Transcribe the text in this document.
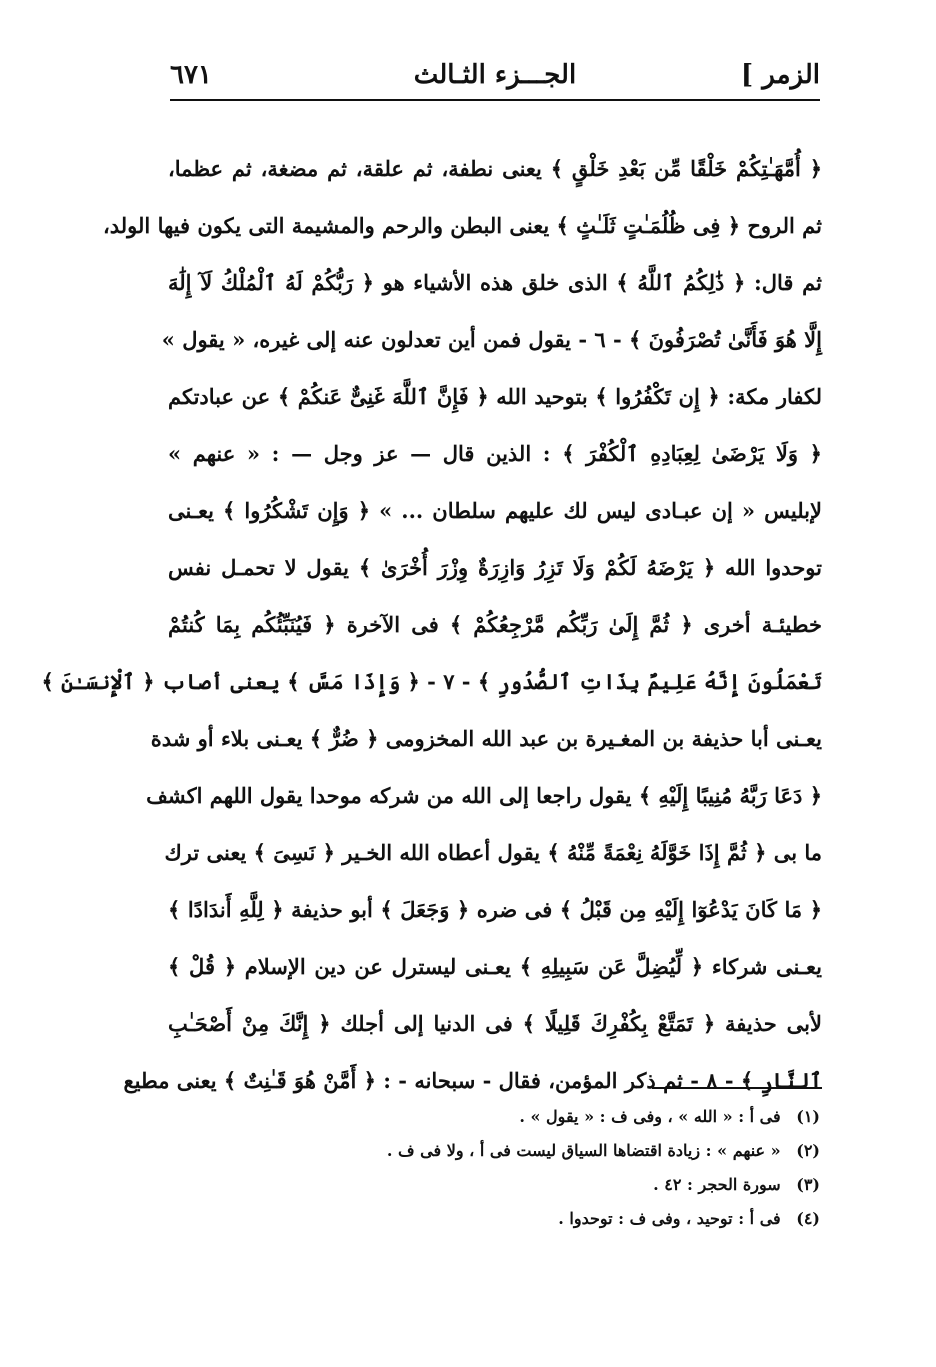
الزمر ]
الجـــزء الثـالث
٦٧١
﴿ أُمَّهَـٰتِكُمْ خَلْقًا مِّن بَعْدِ خَلْقٍ ﴾ يعنى نطفة، ثم علقة، ثم مضغة، ثم عظما،
ثم الروح ﴿ فِى ظُلُمَـٰتٍ ثَلَـٰثٍ ﴾ يعنى البطن والرحم والمشيمة التى يكون فيها الولد،
ثم قال: ﴿ ذَٰلِكُمُ ٱللَّهُ ﴾ الذى خلق هذه الأشياء هو ﴿ رَبُّكُمْ لَهُ ٱلْمُلْكُ لَآ إِلَٰهَ
إِلَّا هُوَ فَأَنَّىٰ تُصْرَفُونَ ﴾ - ٦ - يقول فمن أين تعدلون عنه إلى غيره، « يقول »
لكفار مكة: ﴿ إِن تَكْفُرُوا ﴾ بتوحيد الله ﴿ فَإِنَّ ٱللَّهَ غَنِىٌّ عَنكُمْ ﴾ عن عبادتكم
﴿ وَلَا يَرْضَىٰ لِعِبَادِهِ ٱلْكُفْرَ ﴾ : الذين قال — عز وجل — : « عنهم »
لإبليس « إن عبـادى ليس لك عليهم سلطان ... » ﴿ وَإِن تَشْكُرُوا ﴾ يعـنى
توحدوا الله ﴿ يَرْضَهُ لَكُمْ وَلَا تَزِرُ وَازِرَةٌ وِزْرَ أُخْرَىٰ ﴾ يقول لا تحمـل نفس
خطيئـة أخرى ﴿ ثُمَّ إِلَىٰ رَبِّكُم مَّرْجِعُكُمْ ﴾ فى الآخرة ﴿ فَيُنَبِّئُكُم بِمَا كُنتُمْ
تَعْمَلُونَ إِنَّهُ عَلِيمٌ بِذَاتِ ٱلصُّدُورِ ﴾ - ٧ - ﴿ وَإِذَا مَسَّ ﴾ يعنى أصاب ﴿ ٱلْإِنسَـٰنَ ﴾
يعـنى أبا حذيفة بن المغـيرة بن عبد الله المخزومى ﴿ ضُرٌّ ﴾ يعـنى بلاء أو شدة
﴿ دَعَا رَبَّهُ مُنِيبًا إِلَيْهِ ﴾ يقول راجعا إلى الله من شركه موحدا يقول اللهم اكشف
ما بى ﴿ ثُمَّ إِذَا خَوَّلَهُ نِعْمَةً مِّنْهُ ﴾ يقول أعطاه الله الخـير ﴿ نَسِىَ ﴾ يعنى ترك
﴿ مَا كَانَ يَدْعُوٓا إِلَيْهِ مِن قَبْلُ ﴾ فى ضره ﴿ وَجَعَلَ ﴾ أبو حذيفة ﴿ لِلَّهِ أَندَادًا ﴾
يعـنى شركاء ﴿ لِّيُضِلَّ عَن سَبِيلِهِ ﴾ يعـنى ليسترل عن دين الإسلام ﴿ قُلْ ﴾
لأبى حذيفة ﴿ تَمَتَّعْ بِكُفْرِكَ قَلِيلًا ﴾ فى الدنيا إلى أجلك ﴿ إِنَّكَ مِنْ أَصْحَـٰبِ
ٱلنَّارِ ﴾ - ٨ - ثم ذكر المؤمن، فقال - سبحانه - : ﴿ أَمَّنْ هُوَ قَـٰنِتٌ ﴾ يعنى مطيع
(١) فى أ : « الله » ، وفى ف : « يقول » .
(٢) « عنهم » : زيادة اقتضاها السياق ليست فى أ ، ولا فى ف .
(٣) سورة الحجر : ٤٢ .
(٤) فى أ : توحيد ، وفى ف : توحدوا .
